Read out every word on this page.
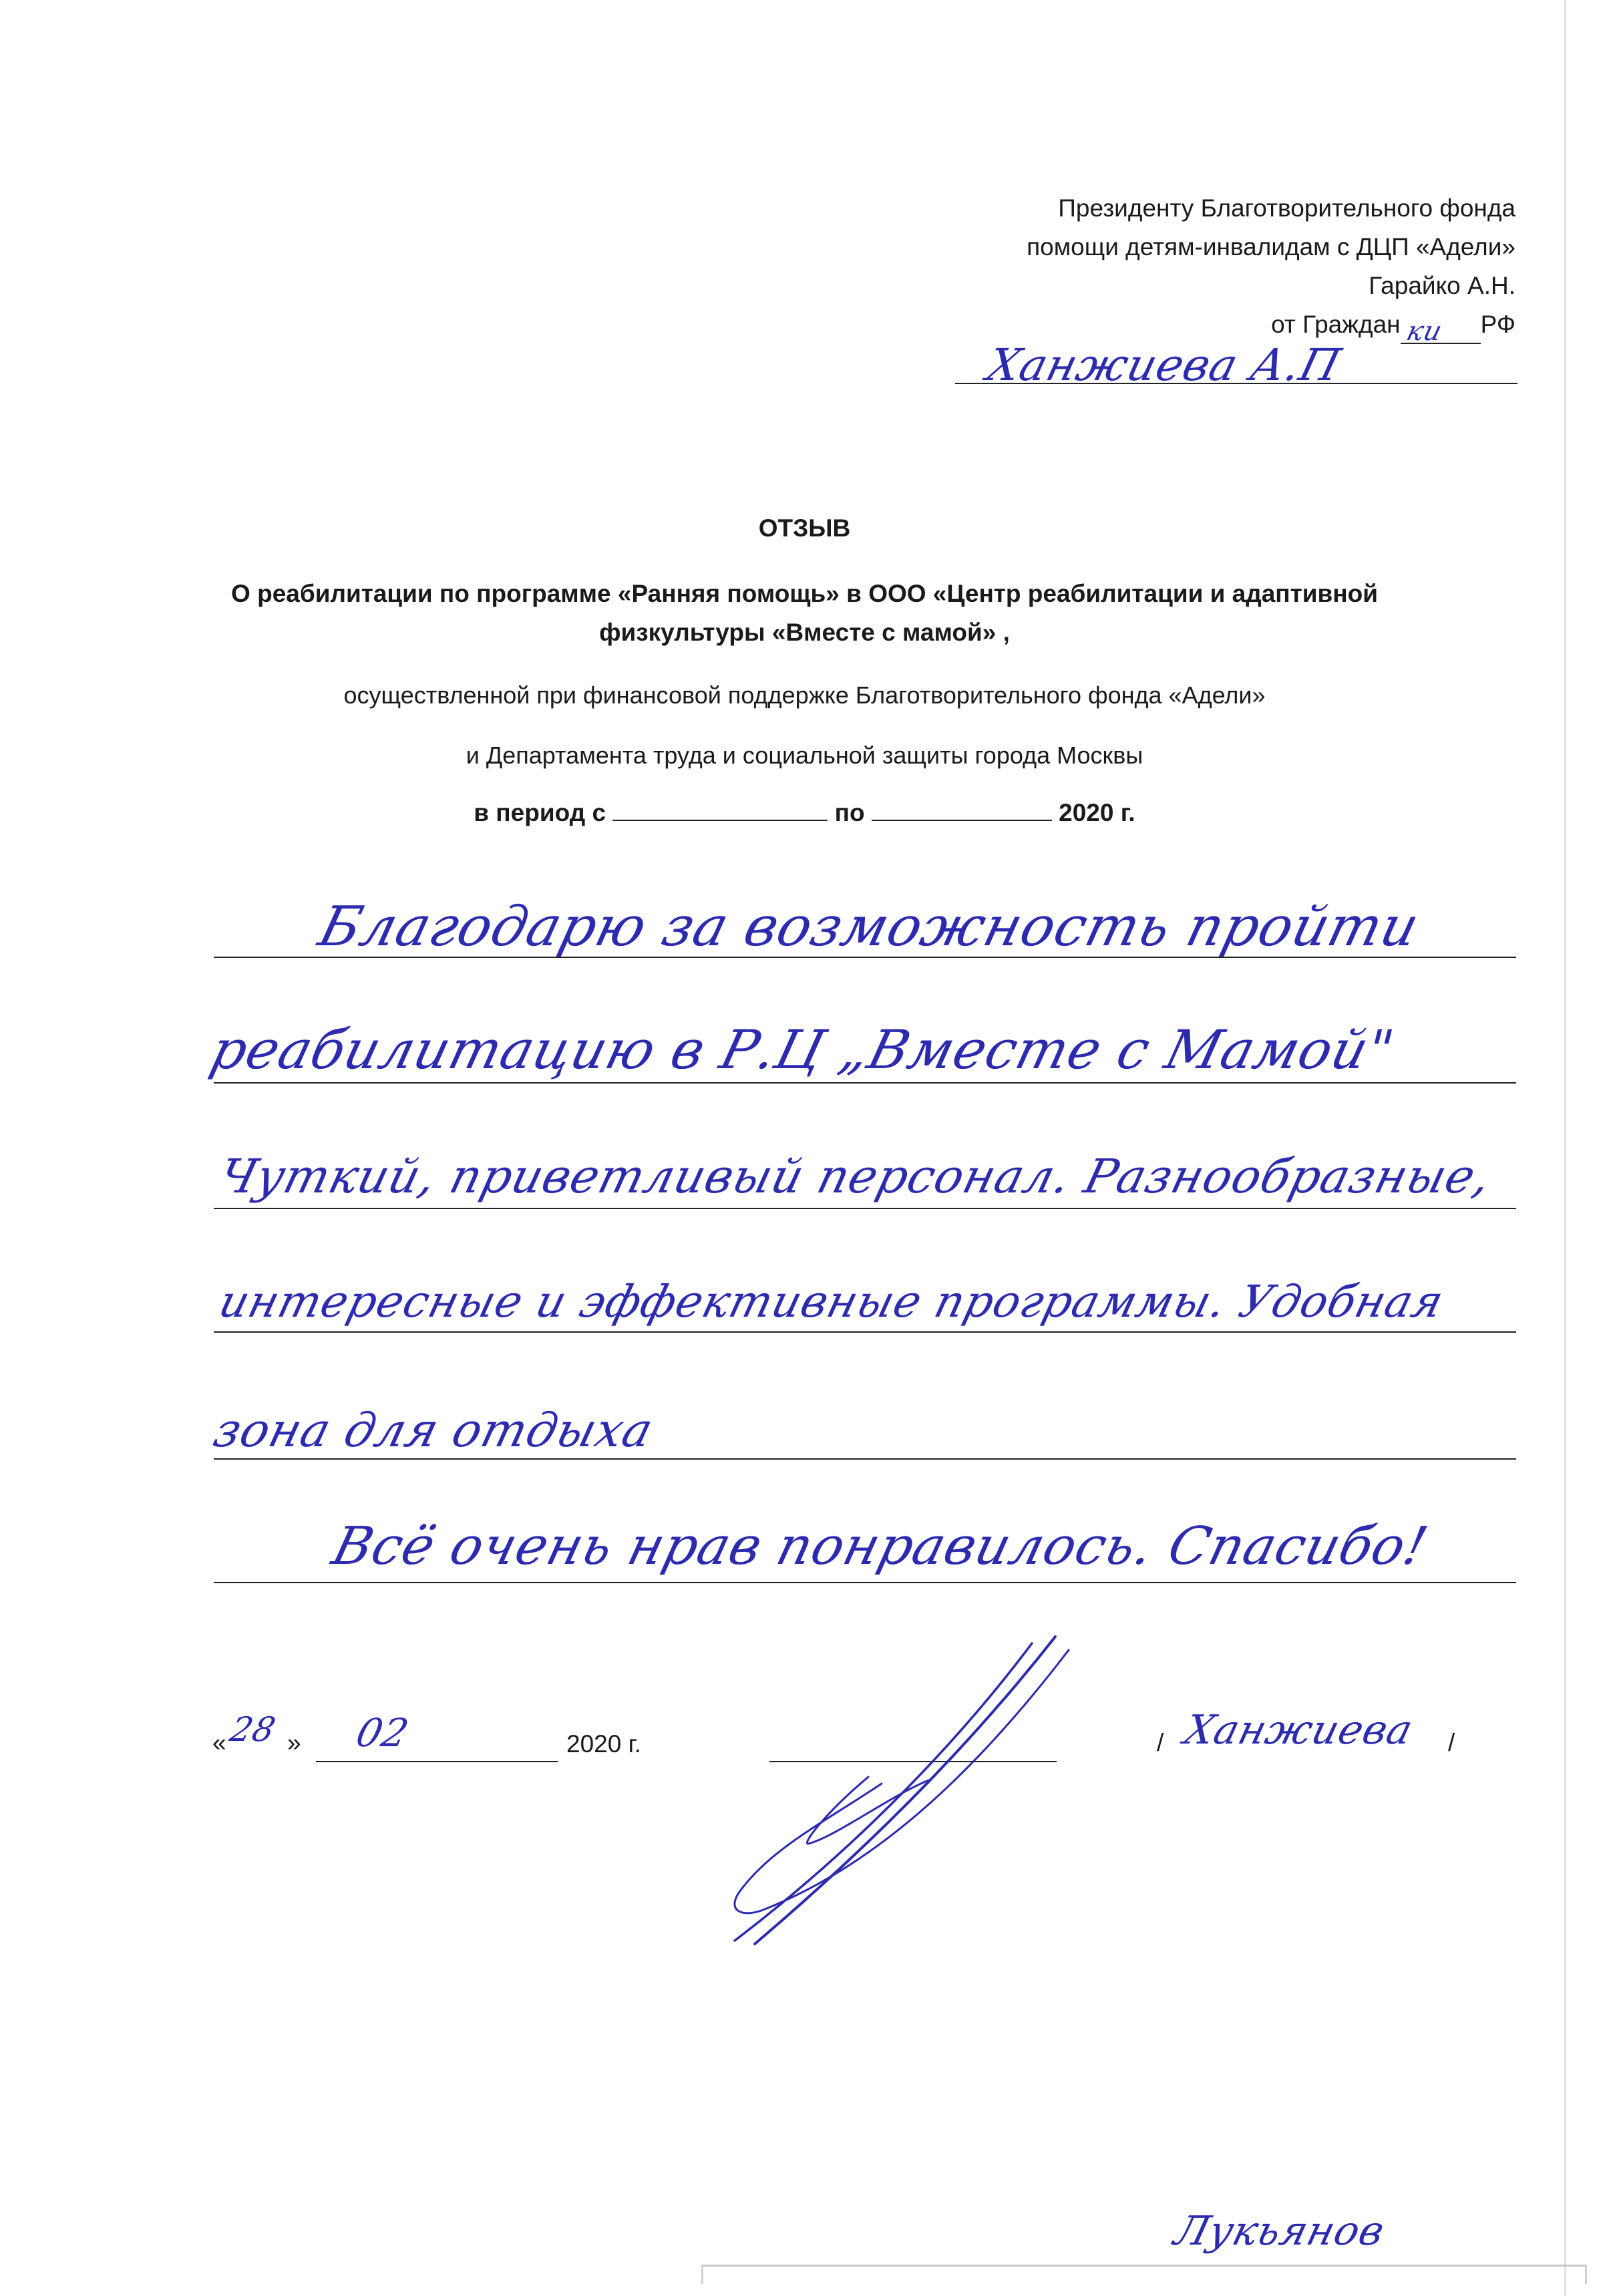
Президенту Благотворительного фонда
помощи детям-инвалидам с ДЦП «Адели»
Гарайко А.Н.
от Граждан ки РФ
Ханжиева А.П
ОТЗЫВ
О реабилитации по программе «Ранняя помощь» в ООО «Центр реабилитации и адаптивной
физкультуры «Вместе с мамой» ,
осуществленной при финансовой поддержке Благотворительного фонда «Адели»
и Департамента труда и социальной защиты города Москвы
в период с	по	2020 г.
Благодарю за возможность пройти
реабилитацию в Р.Ц „Вместе с Мамой"
Чуткий, приветливый персонал. Разнообразные,
интересные и эффективные программы. Удобная
зона для отдыха
Всё очень нрав понравилось. Спасибо!
« 28 » 02	2020 г.	/ Ханжиева /
Лукьянов
